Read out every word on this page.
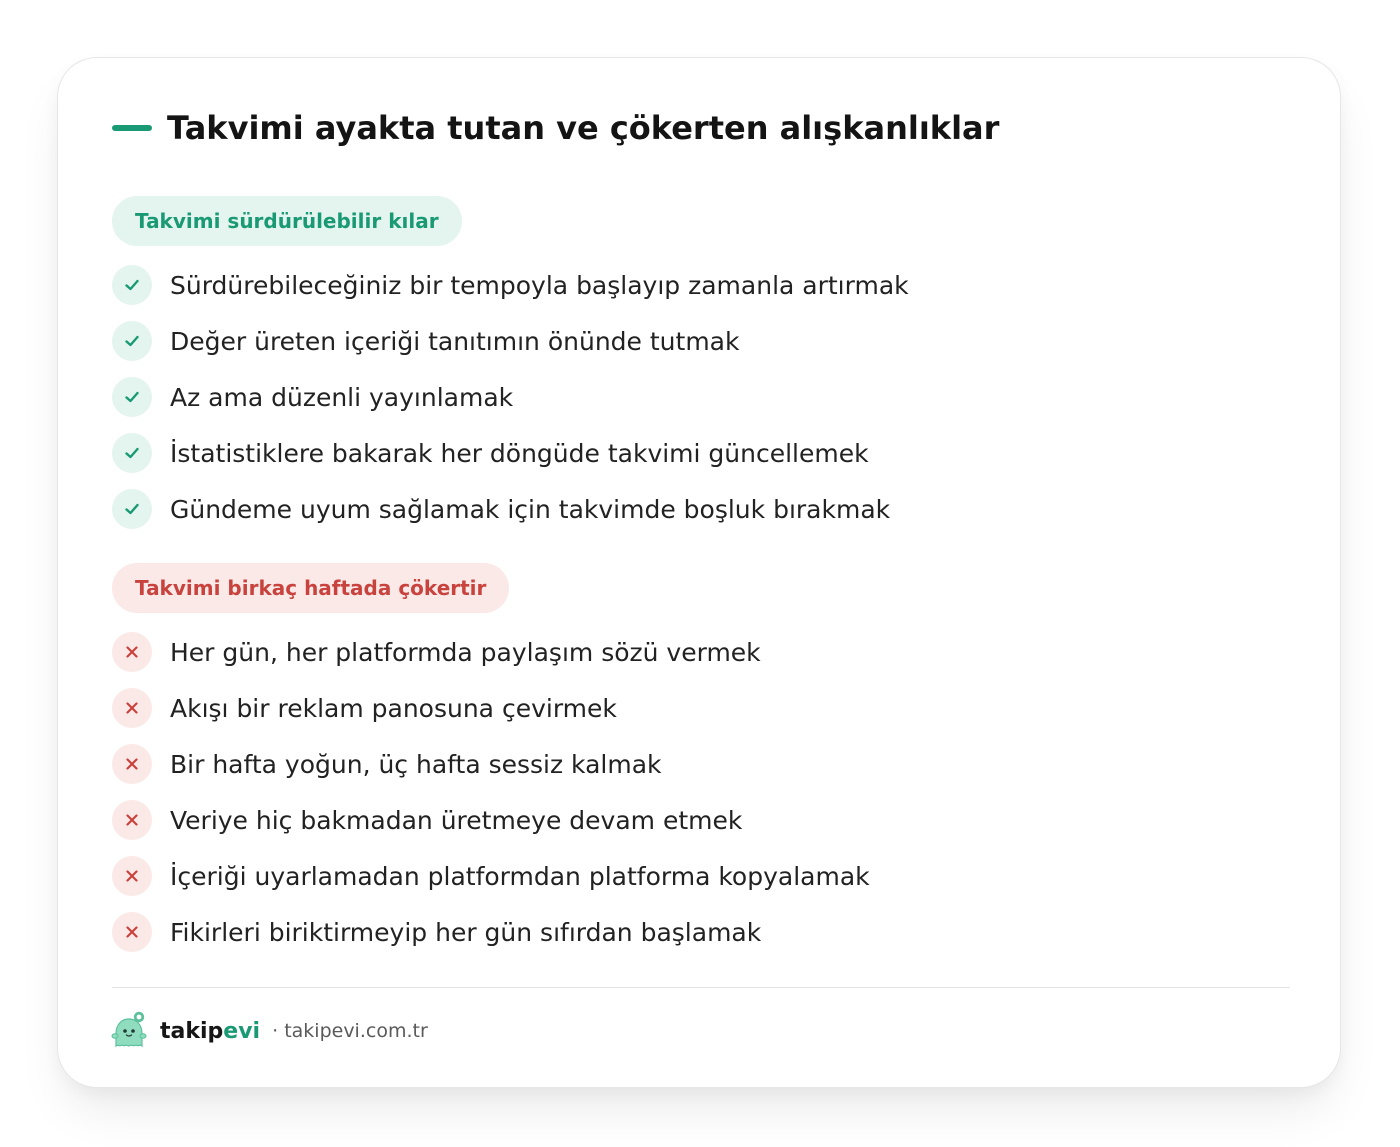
Takvimi ayakta tutan ve çökerten alışkanlıklar
Takvimi sürdürülebilir kılar
Sürdürebileceğiniz bir tempoyla başlayıp zamanla artırmak
Değer üreten içeriği tanıtımın önünde tutmak
Az ama düzenli yayınlamak
İstatistiklere bakarak her döngüde takvimi güncellemek
Gündeme uyum sağlamak için takvimde boşluk bırakmak
Takvimi birkaç haftada çökertir
Her gün, her platformda paylaşım sözü vermek
Akışı bir reklam panosuna çevirmek
Bir hafta yoğun, üç hafta sessiz kalmak
Veriye hiç bakmadan üretmeye devam etmek
İçeriği uyarlamadan platformdan platforma kopyalamak
Fikirleri biriktirmeyip her gün sıfırdan başlamak
takipevi · takipevi.com.tr
